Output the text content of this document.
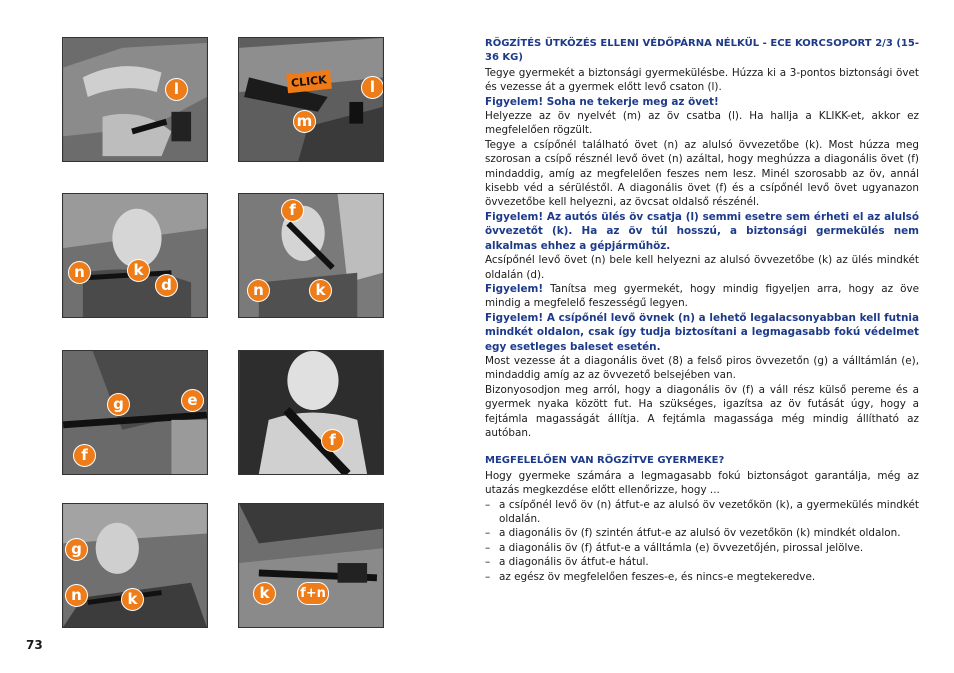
l	CLICK	l
m
n	k
d
f
n	k
g	e
f
f
g
n	k	k	f+n
73

RÖGZÍTÉS ÜTKÖZÉS ELLENI VÉDŐPÁRNA NÉLKÜL - ECE KORCSOPORT 2/3 (15-36 KG)

Tegye gyermekét a biztonsági gyermekülésbe. Húzza ki a 3-pontos biztonsági övet és vezesse át a gyermek előtt levő csaton (l).

Figyelem! Soha ne tekerje meg az övet!

Helyezze az öv nyelvét (m) az öv csatba (l). Ha hallja a KLIKK-et, akkor ez megfelelően rögzült.

Tegye a csípőnél található övet (n) az alulsó övvezetőbe (k). Most húzza meg szorosan a csípő résznél levő övet (n) azáltal, hogy meghúzza a diagonális övet (f) mindaddig, amíg az megfelelően feszes nem lesz. Minél szorosabb az öv, annál kisebb véd a sérüléstől. A diagonális övet (f) és a csípőnél levő övet ugyanazon övvezetőbe kell helyezni, az övcsat oldalső részénél.

Figyelem! Az autós ülés öv csatja (l) semmi esetre sem érheti el az alulsó övvezetőt (k). Ha az öv túl hosszú, a biztonsági germekülés nem alkalmas ehhez a gépjárműhöz.

Acsípőnél levő övet (n) bele kell helyezni az alulsó övvezetőbe (k) az ülés mindkét oldalán (d).

Figyelem! Tanítsa meg gyermekét, hogy mindig figyeljen arra, hogy az öve mindig a megfelelő feszességű legyen.

Figyelem! A csípőnél levő övnek (n) a lehető legalacsonyabban kell futnia mindkét oldalon, csak így tudja biztosítani a legmagasabb fokú védelmet egy esetleges baleset esetén.

Most vezesse át a diagonális övet (8) a felső piros övvezetőn (g) a válltámlán (e), mindaddig amíg az az övvezető belsejében van.

Bizonyosodjon meg arról, hogy a diagonális öv (f) a váll rész külső pereme és a gyermek nyaka között fut. Ha szükséges, igazítsa az öv futását úgy, hogy a fejtámla magasságát állítja. A fejtámla magassága még mindig állítható az autóban.

MEGFELELŐEN VAN RÖGZÍTVE GYERMEKE?

Hogy gyermeke számára a legmagasabb fokú biztonságot garantálja, még az utazás megkezdése előtt ellenőrizze, hogy ...

– a csípőnél levő öv (n) átfut-e az alulsó öv vezetőkön (k), a gyermekülés mindkét oldalán.
– a diagonális öv (f) szintén átfut-e az alulsó öv vezetőkön (k) mindkét oldalon.
– a diagonális öv (f) átfut-e a válltámla (e) övvezetőjén, pirossal jelölve.
– a diagonális öv átfut-e hátul.
– az egész öv megfelelően feszes-e, és nincs-e megtekeredve.
